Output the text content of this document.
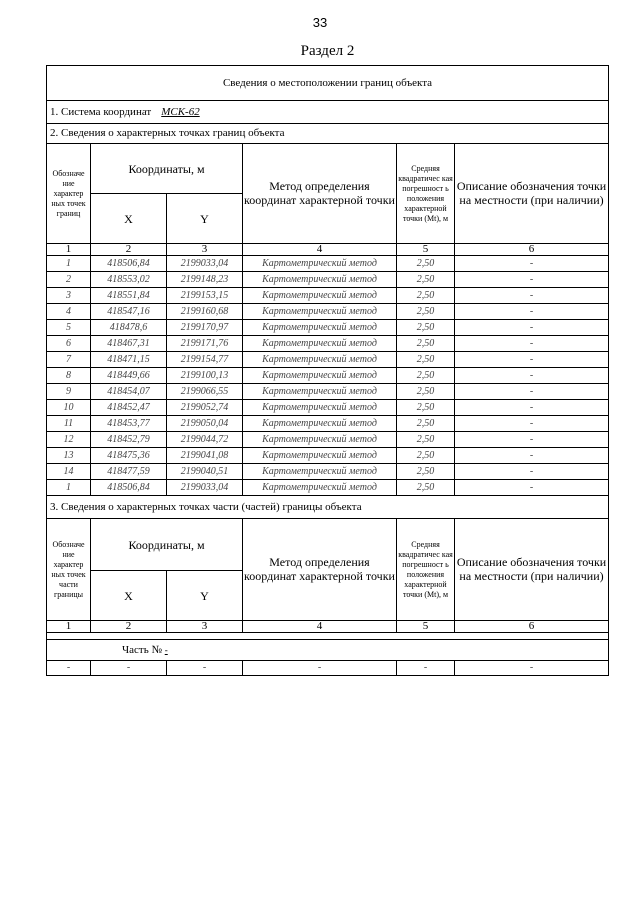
33
Раздел 2
Сведения о местоположении границ объекта					
1. Система координат МСК-62					
2. Сведения о характерных точках границ объекта					
Обозначе ние характер ных точек границ	Координаты, м		Метод определения координат характерной точки	Средняя квадратичес кая погрешност ь положения характерной точки (Mt), м	Описание обозначения точки на местности (при наличии)
	X	Y			
1	2	3	4	5	6
1	418506,84	2199033,04	Картометрический метод	2,50	-
2	418553,02	2199148,23	Картометрический метод	2,50	-
3	418551,84	2199153,15	Картометрический метод	2,50	-
4	418547,16	2199160,68	Картометрический метод	2,50	-
5	418478,6	2199170,97	Картометрический метод	2,50	-
6	418467,31	2199171,76	Картометрический метод	2,50	-
7	418471,15	2199154,77	Картометрический метод	2,50	-
8	418449,66	2199100,13	Картометрический метод	2,50	-
9	418454,07	2199066,55	Картометрический метод	2,50	-
10	418452,47	2199052,74	Картометрический метод	2,50	-
11	418453,77	2199050,04	Картометрический метод	2,50	-
12	418452,79	2199044,72	Картометрический метод	2,50	-
13	418475,36	2199041,08	Картометрический метод	2,50	-
14	418477,59	2199040,51	Картометрический метод	2,50	-
1	418506,84	2199033,04	Картометрический метод	2,50	-
3. Сведения о характерных точках части (частей) границы объекта					
Обозначе ние характер ных точек части границы	Координаты, м		Метод определения координат характерной точки	Средняя квадратичес кая погрешност ь положения характерной точки (Mt), м	Описание обозначения точки на местности (при наличии)
	X	Y			
1	2	3	4	5	6

Часть № -					
-	-	-	-	-	-
